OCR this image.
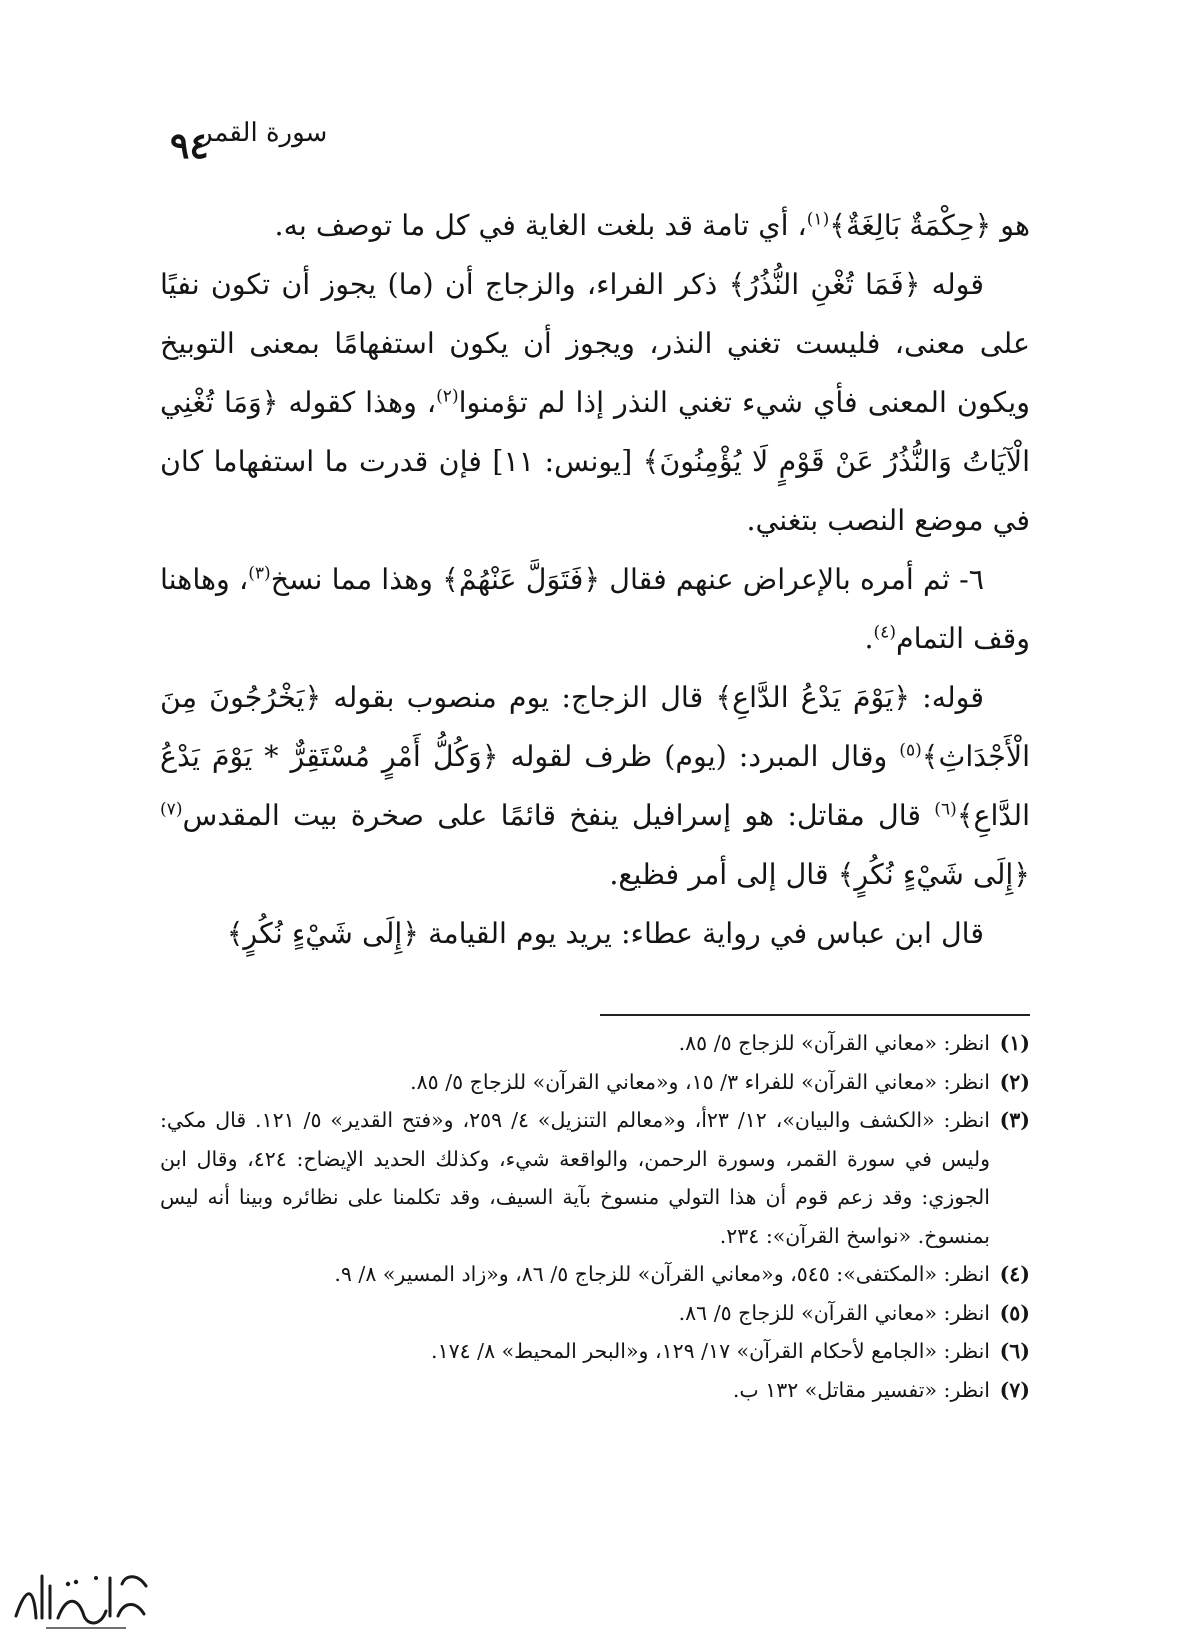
٩٤
سورة القمر

هو ﴿حِكْمَةٌ بَالِغَةٌ﴾$^{(١)}$، أي تامة قد بلغت الغاية في كل ما توصف به.

قوله ﴿فَمَا تُغْنِ النُّذُرُ﴾ ذكر الفراء، والزجاج أن (ما) يجوز أن تكون نفيًا على معنى، فليست تغني النذر، ويجوز أن يكون استفهامًا بمعنى التوبيخ ويكون المعنى فأي شيء تغني النذر إذا لم تؤمنوا$^{(٢)}$، وهذا كقوله ﴿وَمَا تُغْنِي الْآيَاتُ وَالنُّذُرُ عَنْ قَوْمٍ لَا يُؤْمِنُونَ﴾ [يونس: ١١] فإن قدرت ما استفهاما كان في موضع النصب بتغني.

٦- ثم أمره بالإعراض عنهم فقال ﴿فَتَوَلَّ عَنْهُمْ﴾ وهذا مما نسخ$^{(٣)}$، وهاهنا وقف التمام$^{(٤)}$.

قوله: ﴿يَوْمَ يَدْعُ الدَّاعِ﴾ قال الزجاج: يوم منصوب بقوله ﴿يَخْرُجُونَ مِنَ الْأَجْدَاثِ﴾$^{(٥)}$ وقال المبرد: (يوم) ظرف لقوله ﴿وَكُلُّ أَمْرٍ مُسْتَقِرٌّ * يَوْمَ يَدْعُ الدَّاعِ﴾$^{(٦)}$ قال مقاتل: هو إسرافيل ينفخ قائمًا على صخرة بيت المقدس$^{(٧)}$ ﴿إِلَى شَيْءٍ نُكُرٍ﴾ قال إلى أمر فظيع.

قال ابن عباس في رواية عطاء: يريد يوم القيامة ﴿إِلَى شَيْءٍ نُكُرٍ﴾

(١)
انظر: «معاني القرآن» للزجاج ٥/ ٨٥.
(٢)
انظر: «معاني القرآن» للفراء ٣/ ١٥، و«معاني القرآن» للزجاج ٥/ ٨٥.
(٣)
انظر: «الكشف والبيان»، ١٢/ ٢٣أ، و«معالم التنزيل» ٤/ ٢٥٩، و«فتح القدير» ٥/ ١٢١. قال مكي: وليس في سورة القمر، وسورة الرحمن، والواقعة شيء، وكذلك الحديد الإيضاح: ٤٢٤، وقال ابن الجوزي: وقد زعم قوم أن هذا التولي منسوخ بآية السيف، وقد تكلمنا على نظائره وبينا أنه ليس بمنسوخ. «نواسخ القرآن»: ٢٣٤.
(٤)
انظر: «المكتفى»: ٥٤٥، و«معاني القرآن» للزجاج ٥/ ٨٦، و«زاد المسير» ٨/ ٩.
(٥)
انظر: «معاني القرآن» للزجاج ٥/ ٨٦.
(٦)
انظر: «الجامع لأحكام القرآن» ١٧/ ١٢٩، و«البحر المحيط» ٨/ ١٧٤.
(٧)
انظر: «تفسير مقاتل» ١٣٢ ب.
